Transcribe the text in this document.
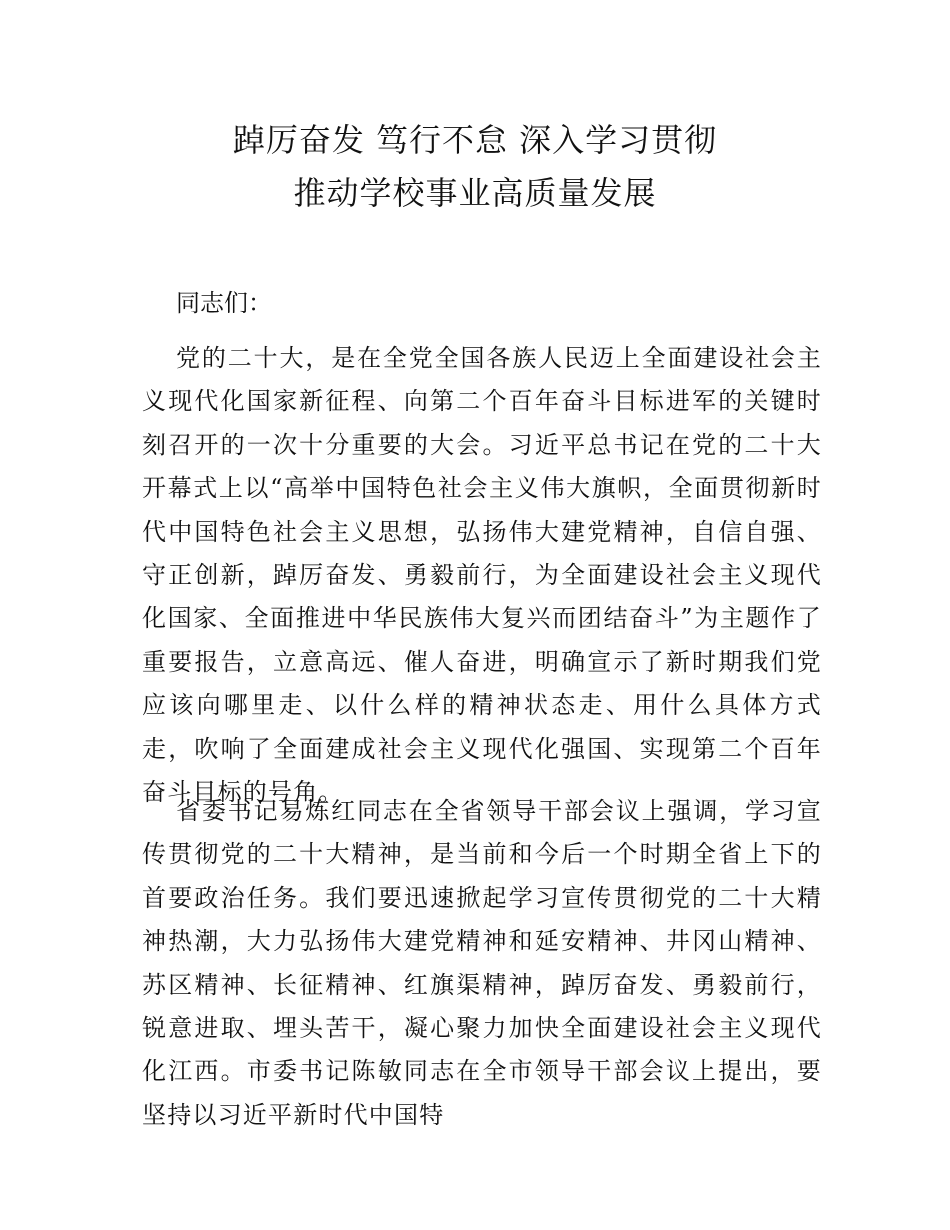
踔厉奋发 笃行不怠 深入学习贯彻
推动学校事业高质量发展
同志们：
党的二十大，是在全党全国各族人民迈上全面建设社会主义现代化国家新征程、向第二个百年奋斗目标进军的关键时刻召开的一次十分重要的大会。习近平总书记在党的二十大开幕式上以“高举中国特色社会主义伟大旗帜，全面贯彻新时代中国特色社会主义思想，弘扬伟大建党精神，自信自强、守正创新，踔厉奋发、勇毅前行，为全面建设社会主义现代化国家、全面推进中华民族伟大复兴而团结奋斗”为主题作了重要报告，立意高远、催人奋进，明确宣示了新时期我们党应该向哪里走、以什么样的精神状态走、用什么具体方式走，吹响了全面建成社会主义现代化强国、实现第二个百年奋斗目标的号角。
省委书记易炼红同志在全省领导干部会议上强调，学习宣传贯彻党的二十大精神，是当前和今后一个时期全省上下的首要政治任务。我们要迅速掀起学习宣传贯彻党的二十大精神热潮，大力弘扬伟大建党精神和延安精神、井冈山精神、苏区精神、长征精神、红旗渠精神，踔厉奋发、勇毅前行，锐意进取、埋头苦干，凝心聚力加快全面建设社会主义现代化江西。市委书记陈敏同志在全市领导干部会议上提出，要坚持以习近平新时代中国特
